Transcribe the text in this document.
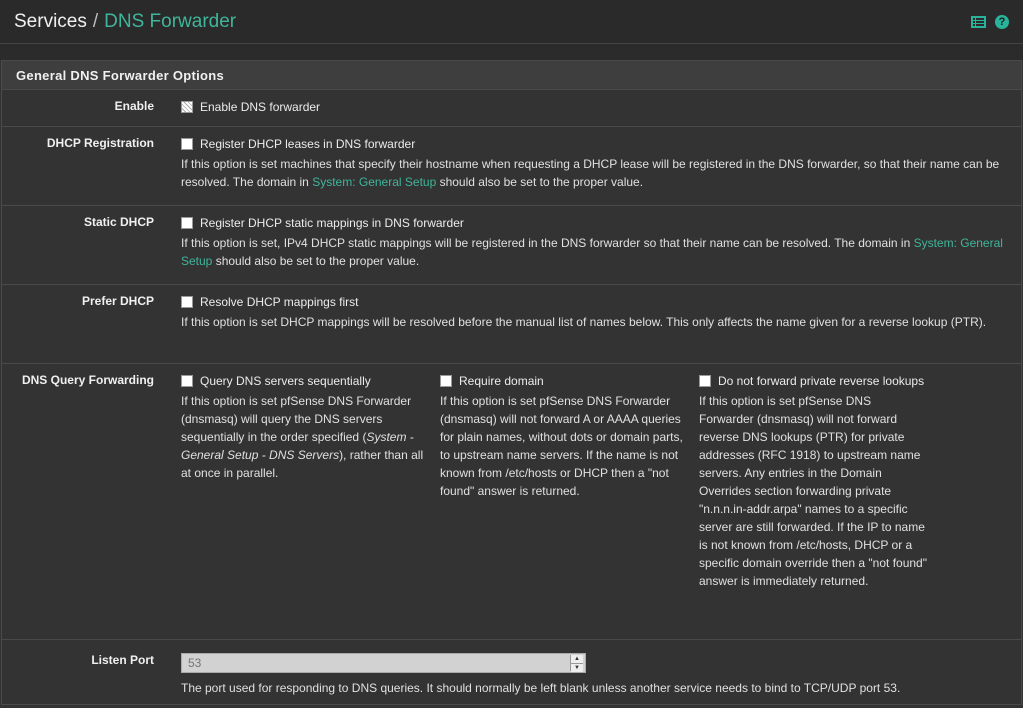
Services / DNS Forwarder	?
General DNS Forwarder Options
Enable	Enable DNS forwarder
DHCP Registration	Register DHCP leases in DNS forwarder
If this option is set machines that specify their hostname when requesting a DHCP lease will be registered in the DNS forwarder, so that their name can be resolved. The domain in System: General Setup should also be set to the proper value.
Static DHCP	Register DHCP static mappings in DNS forwarder
If this option is set, IPv4 DHCP static mappings will be registered in the DNS forwarder so that their name can be resolved. The domain in System: General Setup should also be set to the proper value.
Prefer DHCP	Resolve DHCP mappings first
If this option is set DHCP mappings will be resolved before the manual list of names below. This only affects the name given for a reverse lookup (PTR).
DNS Query Forwarding	Query DNS servers sequentially
If this option is set pfSense DNS Forwarder (dnsmasq) will query the DNS servers sequentially in the order specified (System - General Setup - DNS Servers), rather than all at once in parallel.
Require domain
If this option is set pfSense DNS Forwarder (dnsmasq) will not forward A or AAAA queries for plain names, without dots or domain parts, to upstream name servers. If the name is not known from /etc/hosts or DHCP then a "not found" answer is returned.
Do not forward private reverse lookups
If this option is set pfSense DNS Forwarder (dnsmasq) will not forward reverse DNS lookups (PTR) for private addresses (RFC 1918) to upstream name servers. Any entries in the Domain Overrides section forwarding private "n.n.n.in-addr.arpa" names to a specific server are still forwarded. If the IP to name is not known from /etc/hosts, DHCP or a specific domain override then a "not found" answer is immediately returned.
Listen Port
53	▲
▼
The port used for responding to DNS queries. It should normally be left blank unless another service needs to bind to TCP/UDP port 53.
